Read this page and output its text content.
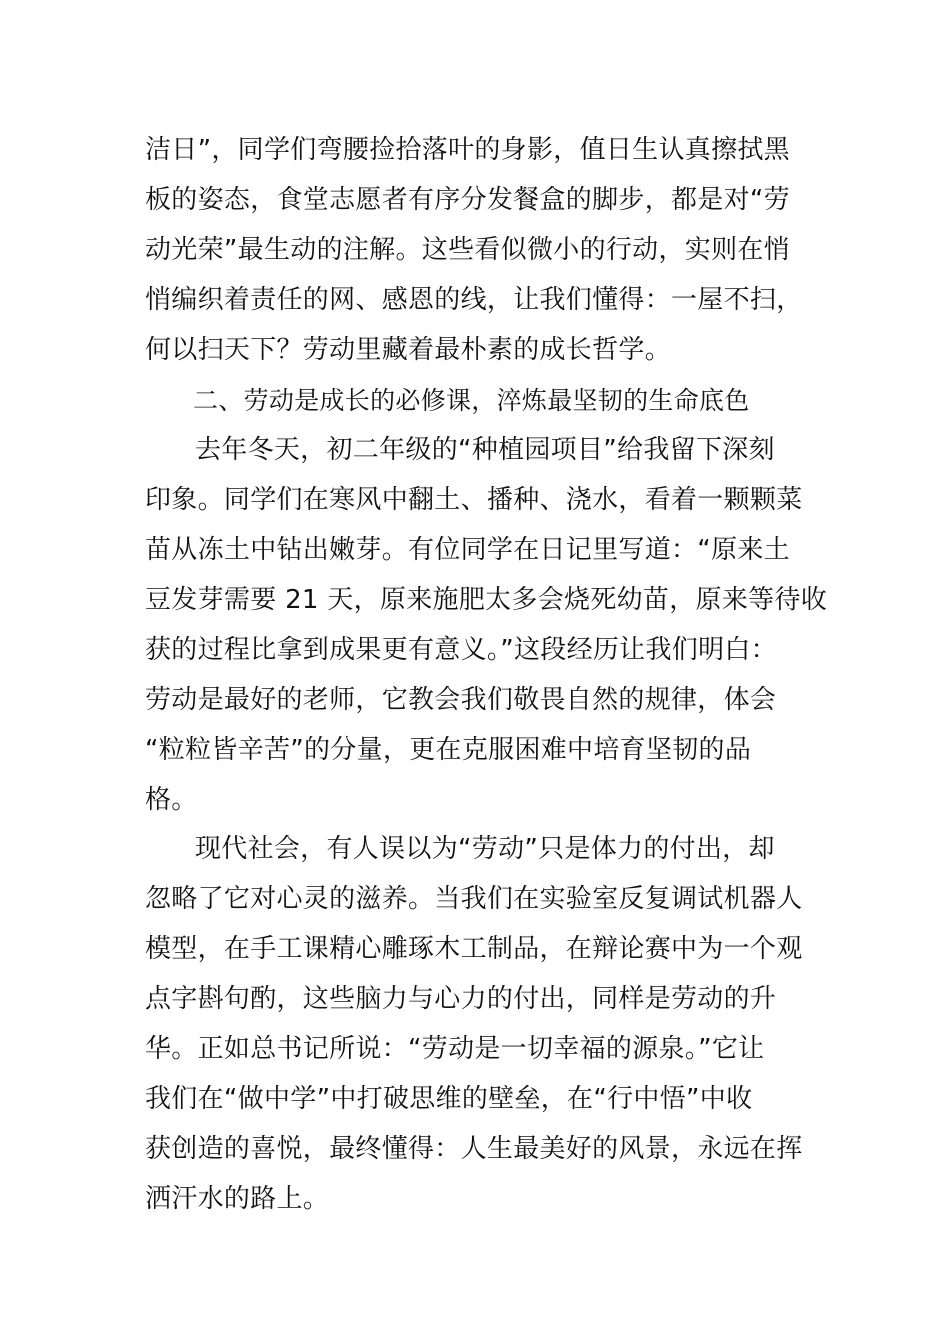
洁日”，同学们弯腰捡拾落叶的身影，值日生认真擦拭黑
板的姿态，食堂志愿者有序分发餐盒的脚步，都是对“劳
动光荣”最生动的注解。这些看似微小的行动，实则在悄
悄编织着责任的网、感恩的线，让我们懂得：一屋不扫，
何以扫天下？劳动里藏着最朴素的成长哲学。
二、劳动是成长的必修课，淬炼最坚韧的生命底色
去年冬天，初二年级的“种植园项目”给我留下深刻
印象。同学们在寒风中翻土、播种、浇水，看着一颗颗菜
苗从冻土中钻出嫩芽。有位同学在日记里写道：“原来土
豆发芽需要 21 天，原来施肥太多会烧死幼苗，原来等待收
获的过程比拿到成果更有意义。”这段经历让我们明白：
劳动是最好的老师，它教会我们敬畏自然的规律，体会
“粒粒皆辛苦”的分量，更在克服困难中培育坚韧的品
格。
现代社会，有人误以为“劳动”只是体力的付出，却
忽略了它对心灵的滋养。当我们在实验室反复调试机器人
模型，在手工课精心雕琢木工制品，在辩论赛中为一个观
点字斟句酌，这些脑力与心力的付出，同样是劳动的升
华。正如总书记所说：“劳动是一切幸福的源泉。”它让
我们在“做中学”中打破思维的壁垒，在“行中悟”中收
获创造的喜悦，最终懂得：人生最美好的风景，永远在挥
洒汗水的路上。
